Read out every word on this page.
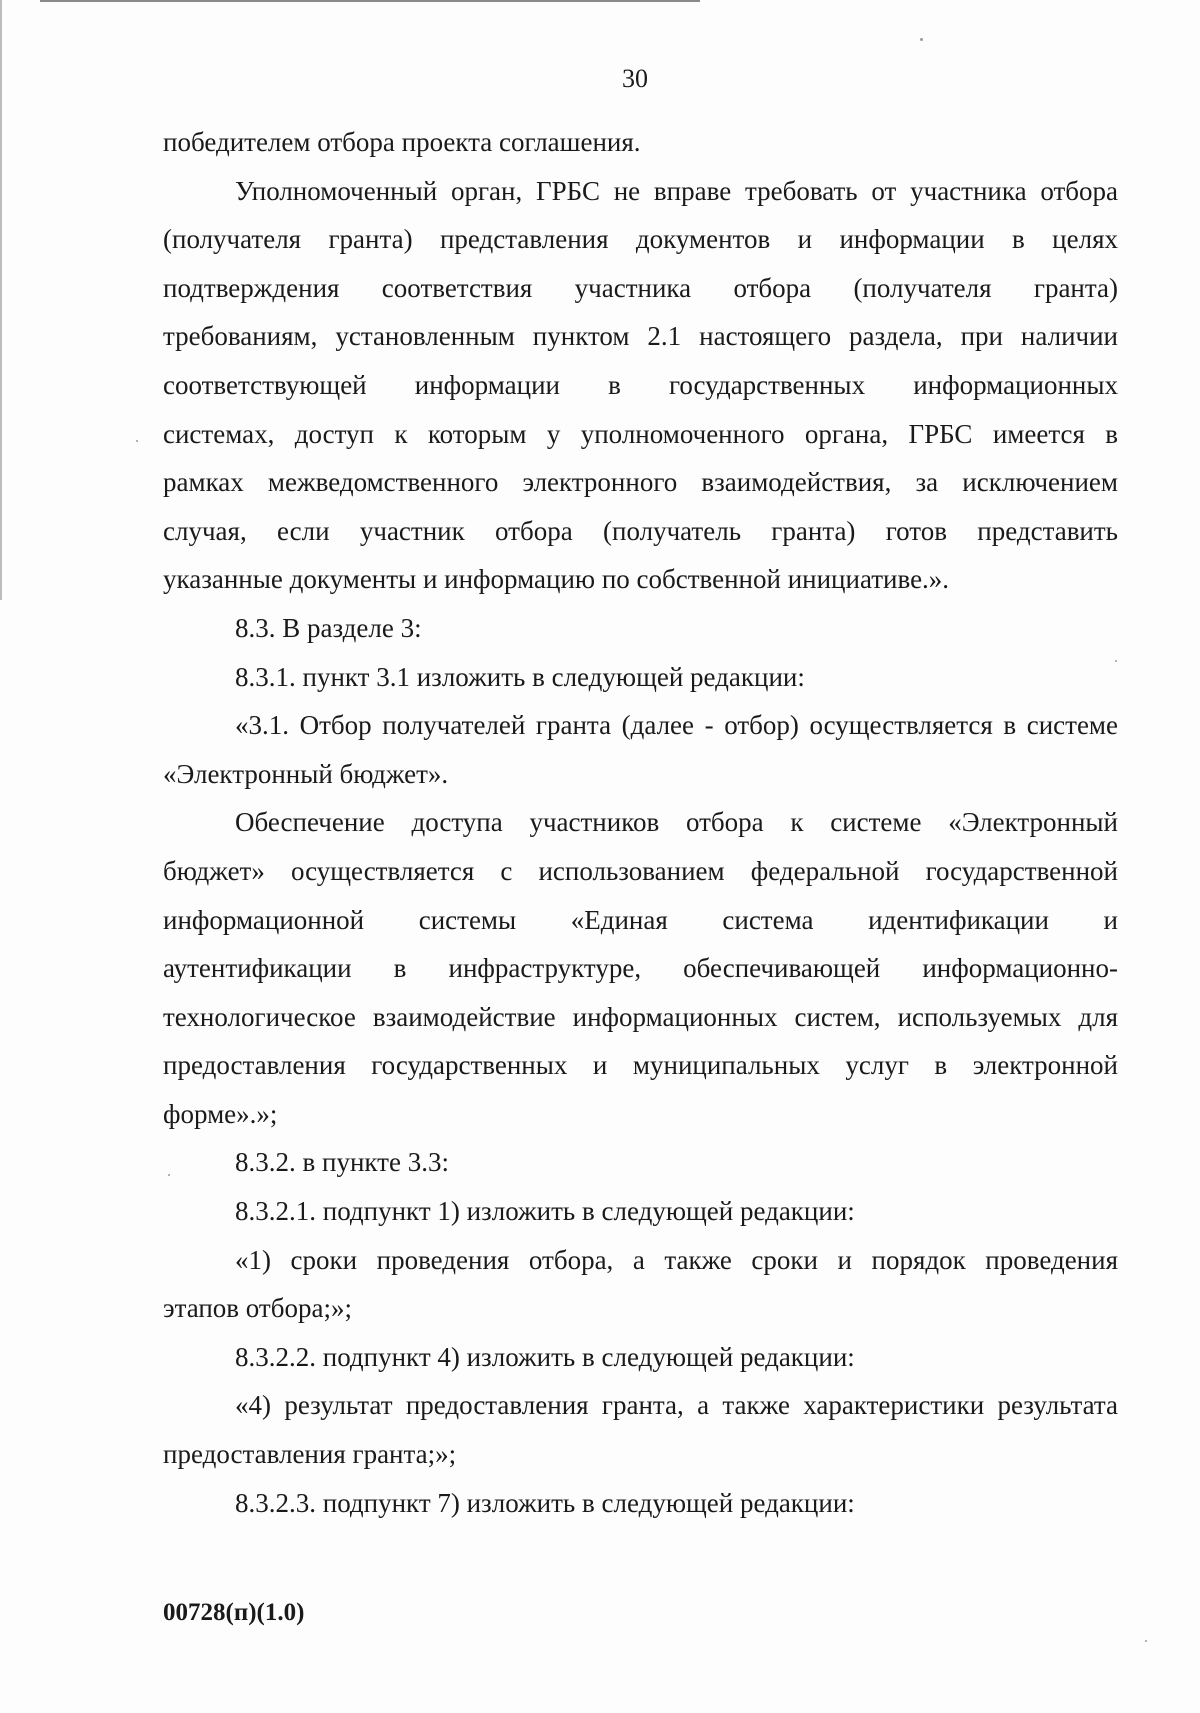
30
победителем отбора проекта соглашения.
Уполномоченный орган, ГРБС не вправе требовать от участника отбора
(получателя гранта) представления документов и информации в целях
подтверждения соответствия участника отбора (получателя гранта)
требованиям, установленным пунктом 2.1 настоящего раздела, при наличии
соответствующей информации в государственных информационных
системах, доступ к которым у уполномоченного органа, ГРБС имеется в
рамках межведомственного электронного взаимодействия, за исключением
случая, если участник отбора (получатель гранта) готов представить
указанные документы и информацию по собственной инициативе.».
8.3. В разделе 3:
8.3.1. пункт 3.1 изложить в следующей редакции:
«3.1. Отбор получателей гранта (далее - отбор) осуществляется в системе
«Электронный бюджет».
Обеспечение доступа участников отбора к системе «Электронный
бюджет» осуществляется с использованием федеральной государственной
информационной системы «Единая система идентификации и
аутентификации в инфраструктуре, обеспечивающей информационно-
технологическое взаимодействие информационных систем, используемых для
предоставления государственных и муниципальных услуг в электронной
форме».»;
8.3.2. в пункте 3.3:
8.3.2.1. подпункт 1) изложить в следующей редакции:
«1) сроки проведения отбора, а также сроки и порядок проведения
этапов отбора;»;
8.3.2.2. подпункт 4) изложить в следующей редакции:
«4) результат предоставления гранта, а также характеристики результата
предоставления гранта;»;
8.3.2.3. подпункт 7) изложить в следующей редакции:
00728(п)(1.0)
